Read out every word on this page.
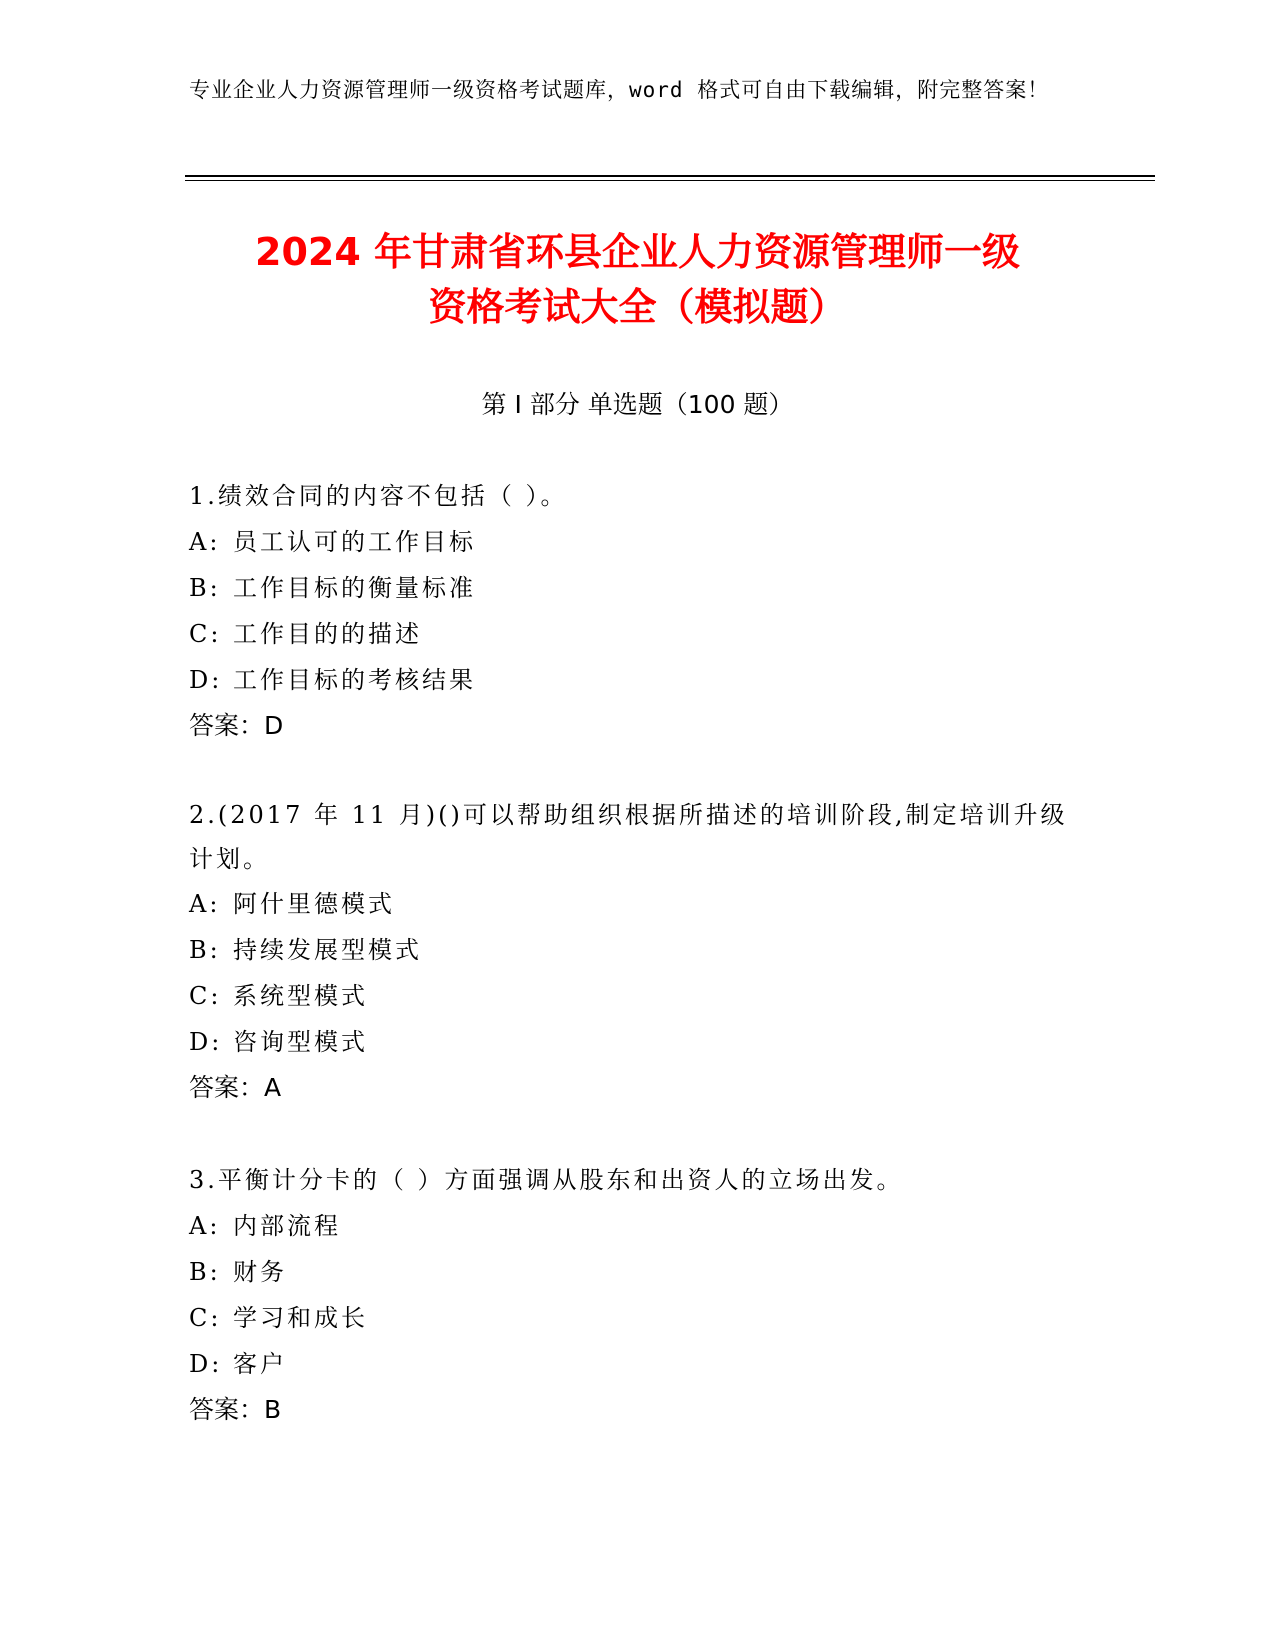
专业企业人力资源管理师一级资格考试题库，word 格式可自由下载编辑，附完整答案！
2024 年甘肃省环县企业人力资源管理师一级
资格考试大全（模拟题）
第 I 部分 单选题（100 题）
1.绩效合同的内容不包括（ ）。
A: 员工认可的工作目标
B: 工作目标的衡量标准
C: 工作目的的描述
D: 工作目标的考核结果
答案：D
2.(2017 年 11 月)()可以帮助组织根据所描述的培训阶段,制定培训升级计划。
A: 阿什里德模式
B: 持续发展型模式
C: 系统型模式
D: 咨询型模式
答案：A
3.平衡计分卡的（ ）方面强调从股东和出资人的立场出发。
A: 内部流程
B: 财务
C: 学习和成长
D: 客户
答案：B
